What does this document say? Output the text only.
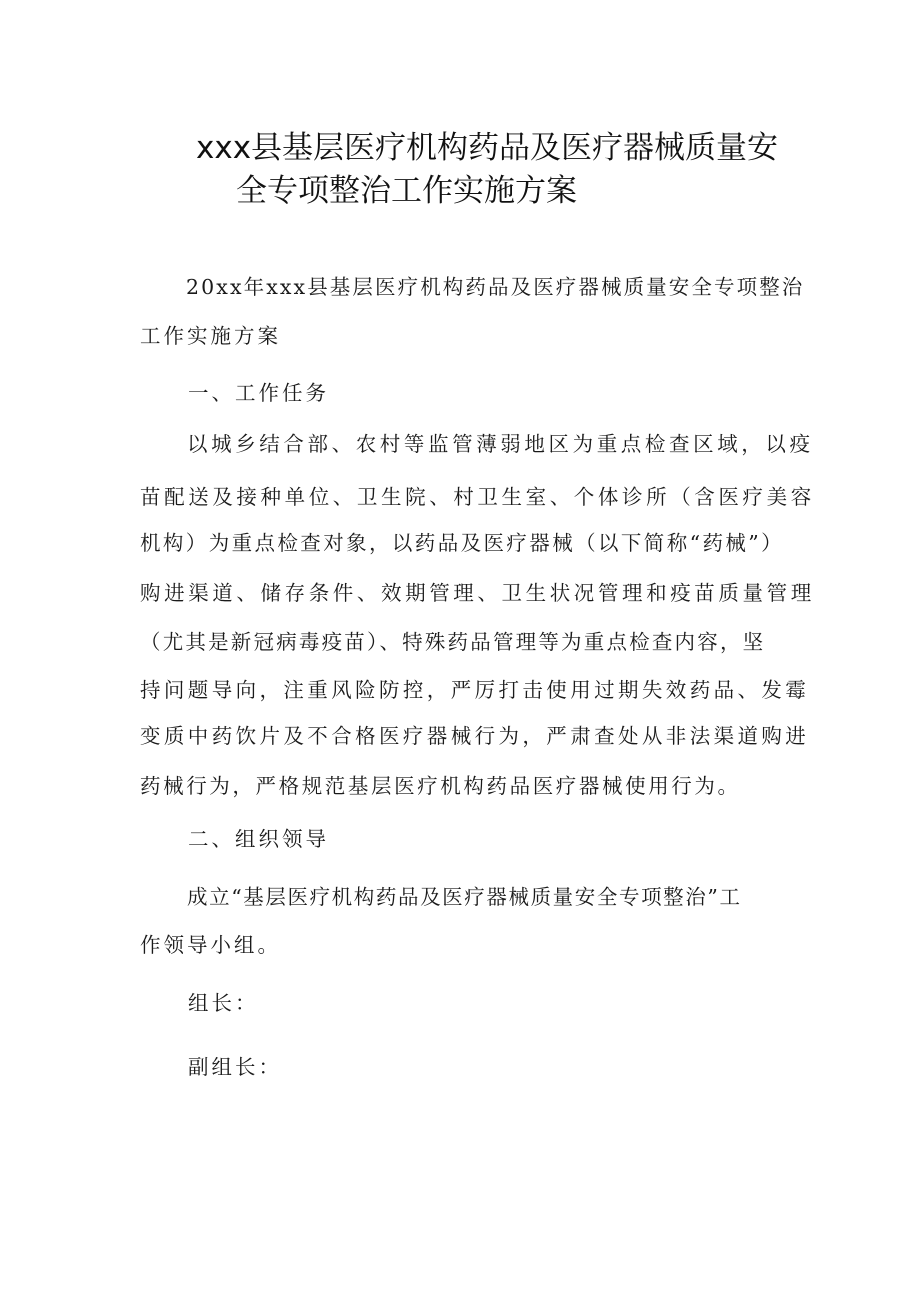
xxx县基层医疗机构药品及医疗器械质量安
全专项整治工作实施方案
20xx年xxx县基层医疗机构药品及医疗器械质量安全专项整治
工作实施方案
一、工作任务
以城乡结合部、农村等监管薄弱地区为重点检查区域，以疫
苗配送及接种单位、卫生院、村卫生室、个体诊所（含医疗美容
机构）为重点检查对象，以药品及医疗器械（以下简称“药械”）
购进渠道、储存条件、效期管理、卫生状况管理和疫苗质量管理
（尤其是新冠病毒疫苗）、特殊药品管理等为重点检查内容，坚
持问题导向，注重风险防控，严厉打击使用过期失效药品、发霉
变质中药饮片及不合格医疗器械行为，严肃查处从非法渠道购进
药械行为，严格规范基层医疗机构药品医疗器械使用行为。
二、组织领导
成立“基层医疗机构药品及医疗器械质量安全专项整治”工
作领导小组。
组长：
副组长：
